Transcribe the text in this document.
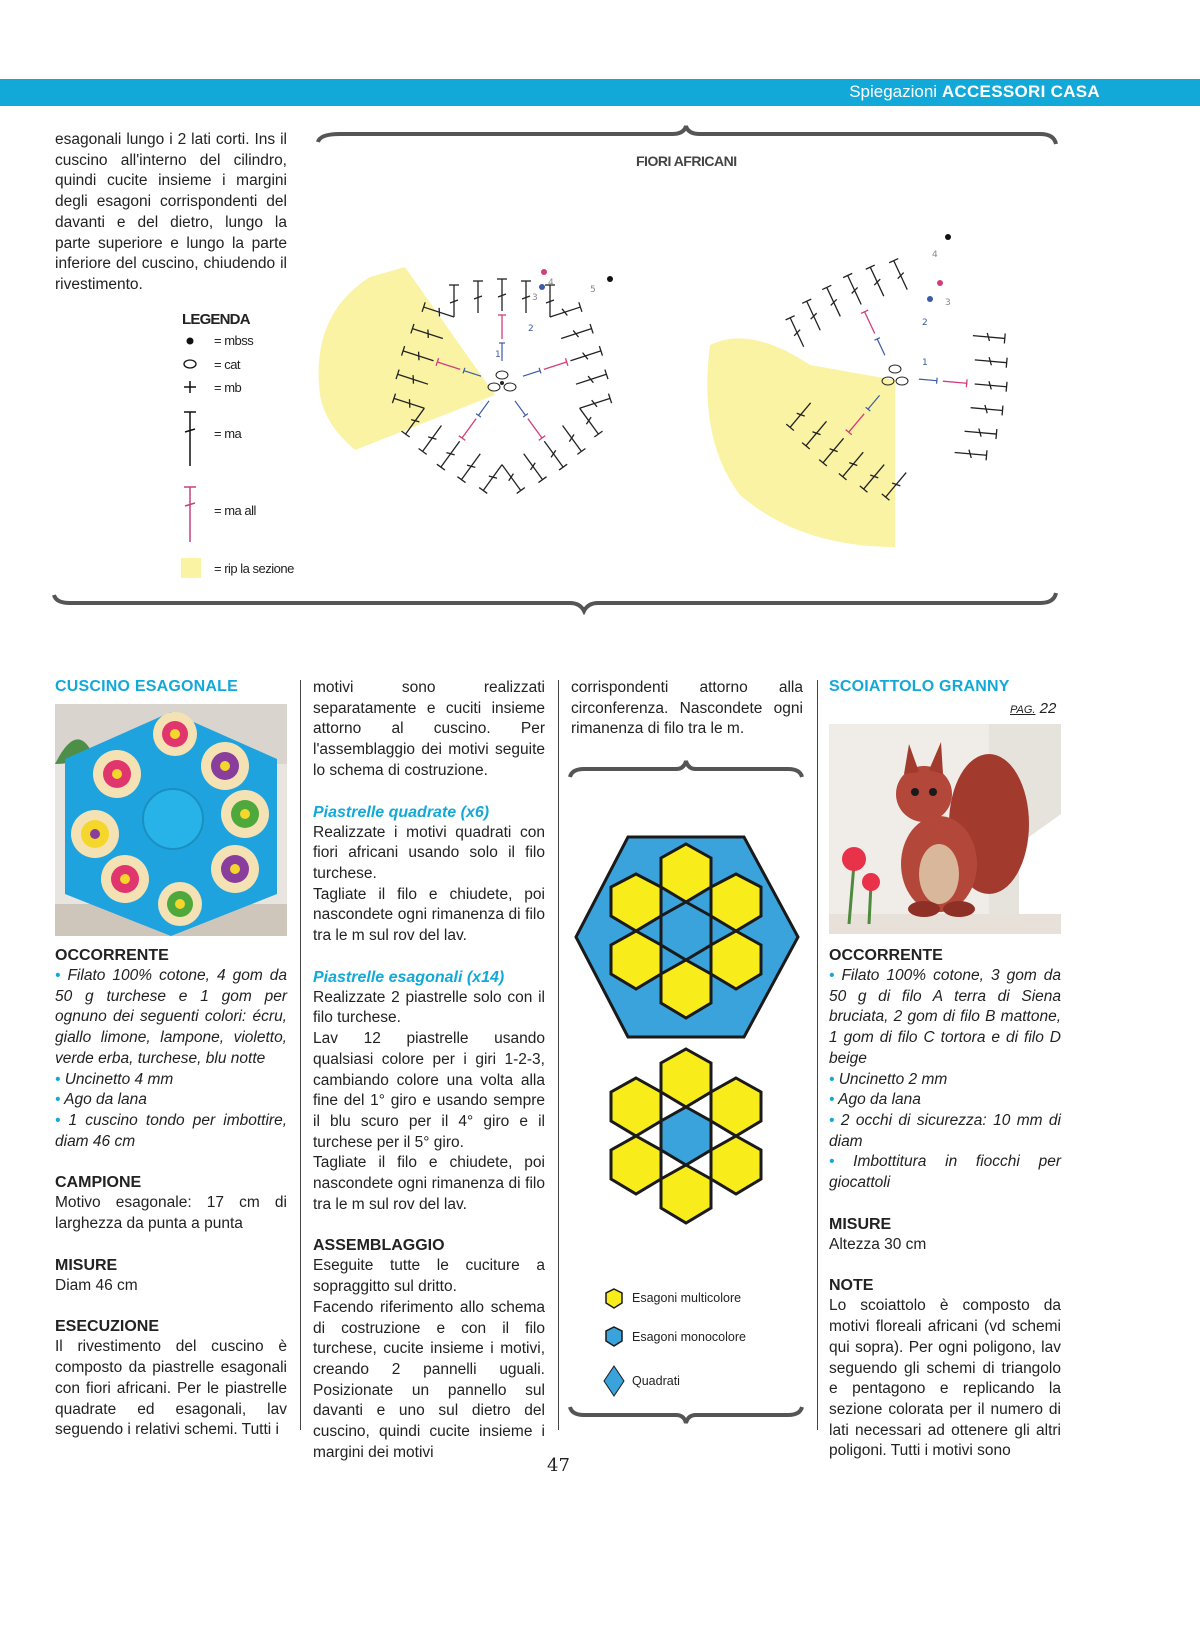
Spiegazioni ACCESSORI CASA

esagonali lungo i 2 lati corti. Ins il cuscino all'interno del cilindro, quindi cucite insieme i margini degli esagoni corrispondenti del davanti e del dietro, lungo la parte superiore e lungo la parte inferiore del cuscino, chiudendo il rivestimento.

FIORI AFRICANI
LEGENDA
= mbss
= cat
= mb
= ma
= ma all
= rip la sezione
1
2
3
4
5
1
2
3
4
CUSCINO ESAGONALE

OCCORRENTE

• Filato 100% cotone, 4 gom da 50 g turchese e 1 gom per ognuno dei seguenti colori: écru, giallo limone, lampone, violetto, verde erba, turchese, blu notte

• Uncinetto 4 mm

• Ago da lana

• 1 cuscino tondo per imbottire, diam 46 cm

CAMPIONE

Motivo esagonale: 17 cm di larghezza da punta a punta

MISURE

Diam 46 cm

ESECUZIONE

Il rivestimento del cuscino è composto da piastrelle esagonali con fiori africani. Per le piastrelle quadrate ed esagonali, lav seguendo i relativi schemi. Tutti i

motivi sono realizzati separatamente e cuciti insieme attorno al cuscino. Per l'assemblaggio dei motivi seguite lo schema di costruzione.

Piastrelle quadrate (x6)

Realizzate i motivi quadrati con fiori africani usando solo il filo turchese.

Tagliate il filo e chiudete, poi nascondete ogni rimanenza di filo tra le m sul rov del lav.

Piastrelle esagonali (x14)

Realizzate 2 piastrelle solo con il filo turchese.

Lav 12 piastrelle usando qualsiasi colore per i giri 1-2-3, cambiando colore una volta alla fine del 1° giro e usando sempre il blu scuro per il 4° giro e il turchese per il 5° giro.

Tagliate il filo e chiudete, poi nascondete ogni rimanenza di filo tra le m sul rov del lav.

ASSEMBLAGGIO

Eseguite tutte le cuciture a sopraggitto sul dritto.

Facendo riferimento allo schema di costruzione e con il filo turchese, cucite insieme i motivi, creando 2 pannelli uguali. Posizionate un pannello sul davanti e uno sul dietro del cuscino, quindi cucite insieme i margini dei motivi

corrispondenti attorno alla circonferenza. Nascondete ogni rimanenza di filo tra le m.

Esagoni multicolore
Esagoni monocolore
Quadrati
SCOIATTOLO GRANNY
PAG. 22

OCCORRENTE

• Filato 100% cotone, 3 gom da 50 g di filo A terra di Siena bruciata, 2 gom di filo B mattone, 1 gom di filo C tortora e di filo D beige

• Uncinetto 2 mm

• Ago da lana

• 2 occhi di sicurezza: 10 mm di diam

• Imbottitura in fiocchi per giocattoli

MISURE

Altezza 30 cm

NOTE

Lo scoiattolo è composto da motivi floreali africani (vd schemi qui sopra). Per ogni poligono, lav seguendo gli schemi di triangolo e pentagono e replicando la sezione colorata per il numero di lati necessari ad ottenere gli altri poligoni. Tutti i motivi sono

47
